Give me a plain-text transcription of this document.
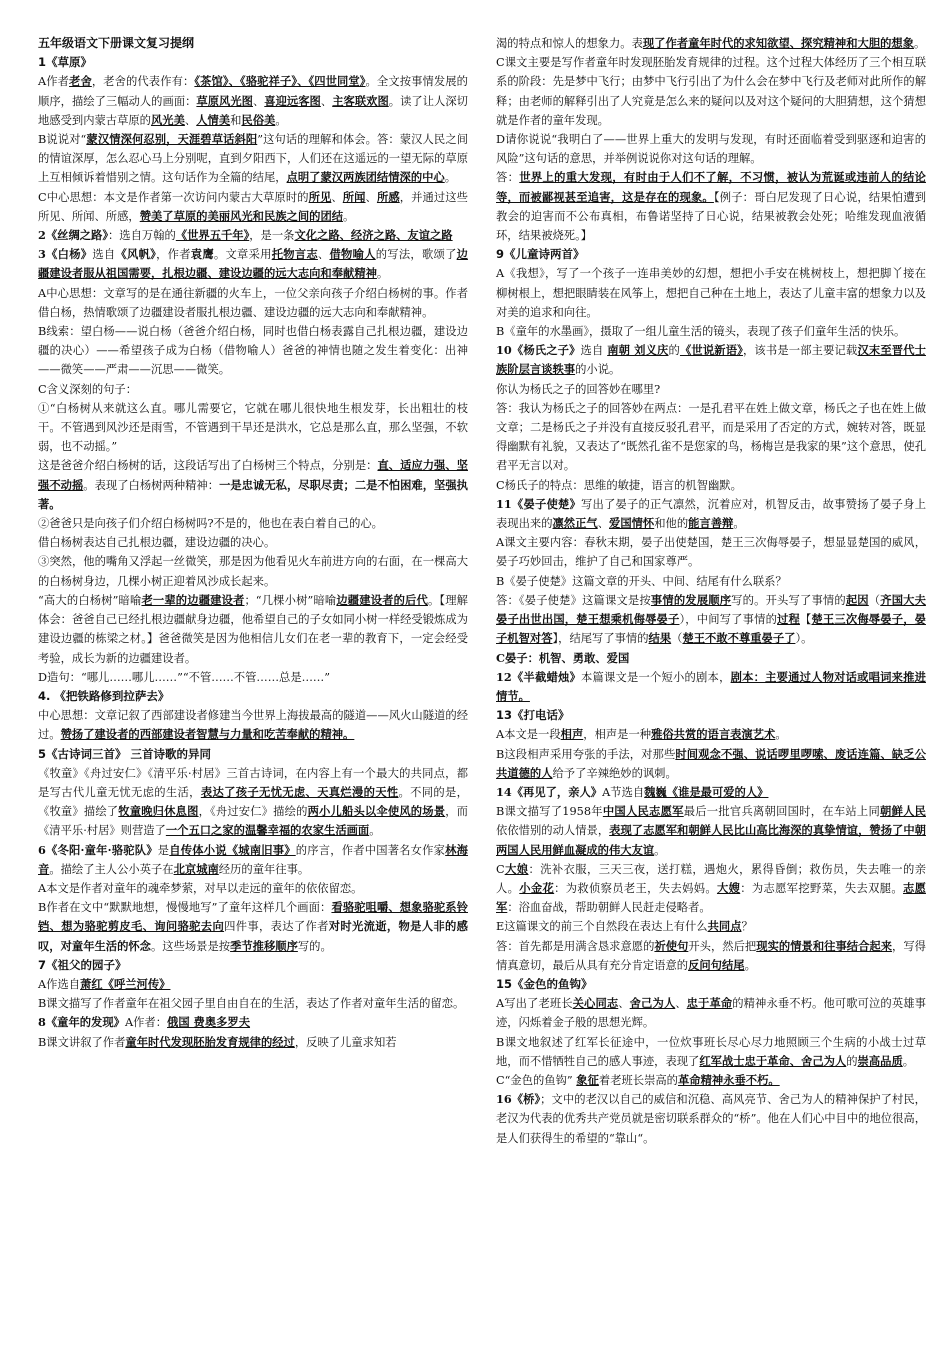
五年级语文下册课文复习提纲

1《草原》

A作者老舍，老舍的代表作有：《茶馆》、《骆驼祥子》、《四世同堂》。全文按事情发展的顺序，描绘了三幅动人的画面：草原风光图、喜迎远客图、主客联欢图。读了让人深切地感受到内蒙古草原的风光美、人情美和民俗美。

B说说对“蒙汉情深何忍别，天涯碧草话斜阳”这句话的理解和体会。答：蒙汉人民之间的情谊深厚，怎么忍心马上分别呢，直到夕阳西下，人们还在这遥远的一望无际的草原上互相倾诉着惜别之情。这句话作为全篇的结尾，点明了蒙汉两族团结情深的中心。

C中心思想：本文是作者第一次访问内蒙古大草原时的所见、所闻、所感，并通过这些所见、所闻、所感，赞美了草原的美丽风光和民族之间的团结。

2《丝绸之路》：选自万翰的《世界五千年》，是一条文化之路、经济之路、友谊之路

3《白杨》选自《风帆》，作者袁鹰。文章采用托物言志、借物喻人的写法，歌颂了边疆建设者服从祖国需要，扎根边疆、建设边疆的远大志向和奉献精神。

A中心思想：文章写的是在通往新疆的火车上，一位父亲向孩子介绍白杨树的事。作者借白杨，热情歌颂了边疆建设者服扎根边疆、建设边疆的远大志向和奉献精神。

B线索：望白杨——说白杨（爸爸介绍白杨，同时也借白杨表露自己扎根边疆，建设边疆的决心）——希望孩子成为白杨（借物喻人）爸爸的神情也随之发生着变化：出神——微笑——严肃——沉思——微笑。

C含义深刻的句子：

①“白杨树从来就这么直。哪儿需要它，它就在哪儿很快地生根发芽，长出粗壮的枝干。不管遇到风沙还是雨雪，不管遇到干旱还是洪水，它总是那么直，那么坚强，不软弱，也不动摇。”

这是爸爸介绍白杨树的话，这段话写出了白杨树三个特点，分别是：直、适应力强、坚强不动摇。表现了白杨树两种精神：一是忠诚无私，尽职尽责；二是不怕困难，坚强执著。

②爸爸只是向孩子们介绍白杨树吗?不是的，他也在表白着自己的心。

借白杨树表达自己扎根边疆，建设边疆的决心。

③突然，他的嘴角又浮起一丝微笑，那是因为他看见火车前进方向的右面，在一棵高大的白杨树身边，几棵小树正迎着风沙成长起来。

“高大的白杨树”暗喻老一辈的边疆建设者；“几棵小树”暗喻边疆建设者的后代。【理解体会：爸爸自己已经扎根边疆献身边疆，他希望自己的子女如同小树一样经受锻炼成为建设边疆的栋梁之材。】爸爸微笑是因为他相信儿女们在老一辈的教育下，一定会经受考验，成长为新的边疆建设者。

D造句：“哪儿……哪儿……”“不管……不管……总是……”

4. 《把铁路修到拉萨去》

中心思想：文章记叙了西部建设者修建当今世界上海拔最高的隧道——风火山隧道的经过。赞扬了建设者的西部建设者智慧与力量和吃苦奉献的精神。

5《古诗词三首》 三首诗歌的异同

《牧童》《舟过安仁》《清平乐·村居》三首古诗词，在内容上有一个最大的共同点，都是写古代儿童无忧无虑的生活，表达了孩子无忧无虑、天真烂漫的天性。不同的是，《牧童》描绘了牧童晚归休息图，《舟过安仁》描绘的两小儿船头以伞使风的场景，而《清平乐·村居》则营造了一个五口之家的温馨幸福的农家生活画面。

6《冬阳·童年·骆驼队》是自传体小说《城南旧事》的序言，作者中国著名女作家林海音。描绘了主人公小英子在北京城南经历的童年往事。

A本文是作者对童年的魂牵梦萦，对早以走远的童年的依依留恋。

B作者在文中“默默地想，慢慢地写”了童年这样几个画面：看骆驼咀嚼、想象骆驼系铃铛、想为骆驼剪皮毛、询问骆驼去向四件事，表达了作者对时光流逝，物是人非的感叹，对童年生活的怀念。这些场景是按季节推移顺序写的。

7《祖父的园子》

A作选自萧红《呼兰河传》

B课文描写了作者童年在祖父园子里自由自在的生活，表达了作者对童年生活的留恋。

8《童年的发现》A作者：俄国 费奥多罗夫

B课文讲叙了作者童年时代发现胚胎发育规律的经过，反映了儿童求知若

渴的特点和惊人的想象力。表现了作者童年时代的求知欲望、探究精神和大胆的想象。

C课文主要是写作者童年时发现胚胎发育规律的过程。这个过程大体经历了三个相互联系的阶段：先是梦中飞行；由梦中飞行引出了为什么会在梦中飞行及老师对此所作的解释；由老师的解释引出了人究竟是怎么来的疑问以及对这个疑问的大胆猜想，这个猜想就是作者的童年发现。

D请你说说“我明白了——世界上重大的发明与发现，有时还面临着受到驱逐和迫害的风险”这句话的意思，并举例说说你对这句话的理解。

答：世界上的重大发现，有时由于人们不了解，不习惯，被认为荒诞或违前人的结论等，而被鄙视甚至追害，这是存在的现象。【例子：哥白尼发现了日心说，结果怕遭到教会的迫害而不公布真相，布鲁诺坚持了日心说，结果被教会处死；哈维发现血液循环，结果被烧死。】

9《儿童诗两首》

A《我想》，写了一个孩子一连串美妙的幻想，想把小手安在桃树枝上，想把脚丫接在柳树根上，想把眼睛装在风筝上，想把自己种在土地上，表达了儿童丰富的想象力以及对美的追求和向往。

B《童年的水墨画》，摄取了一组儿童生活的镜头，表现了孩子们童年生活的快乐。

10《杨氏之子》选自 南朝 刘义庆的《世说新语》，该书是一部主要记载汉末至晋代士族阶层言谈轶事的小说。

你认为杨氏之子的回答妙在哪里?

答：我认为杨氏之子的回答妙在两点：一是孔君平在姓上做文章，杨氏之子也在姓上做文章；二是杨氏之子并没有直接反驳孔君平，而是采用了否定的方式，婉转对答，既显得幽默有礼貌，又表达了“既然孔雀不是您家的鸟，杨梅岂是我家的果”这个意思，使孔君平无言以对。

C杨氏子的特点：思维的敏捷，语言的机智幽默。

11《晏子使楚》写出了晏子的正气凛然，沉着应对，机智反击，故事赞扬了晏子身上表现出来的凛然正气、爱国情怀和他的能言善辩。

A课文主要内容：春秋末期，晏子出使楚国，楚王三次侮辱晏子，想显显楚国的威风，晏子巧妙回击，维护了自己和国家尊严。

B《晏子使楚》这篇文章的开头、中间、结尾有什么联系？

答：《晏子使楚》这篇课文是按事情的发展顺序写的。开头写了事情的起因（齐国大夫晏子出世出国，楚王想乘机侮辱晏子），中间写了事情的过程【楚王三次侮辱晏子，晏子机智对答】，结尾写了事情的结果（楚王不敢不尊重晏子了）。

C晏子：机智、勇敢、爱国

12《半截蜡烛》本篇课文是一个短小的剧本，剧本：主要通过人物对话或唱词来推进情节。

13《打电话》

A本文是一段相声，相声是一种雅俗共赏的语言表演艺术。

B这段相声采用夸张的手法，对那些时间观念不强、说话啰里啰嗦、废话连篇、缺乏公共道德的人给予了辛辣绝妙的讽刺。

14《再见了，亲人》A节选自魏巍《谁是最可爱的人》

B课文描写了1958年中国人民志愿军最后一批官兵离朝回国时，在车站上同朝鲜人民依依惜别的动人情景，表现了志愿军和朝鲜人民比山高比海深的真挚情谊，赞扬了中朝两国人民用鲜血凝成的伟大友谊。

C大娘：洗补衣服，三天三夜，送打糕，遇炮火，累得昏倒；救伤员，失去唯一的亲人。小金花：为救侦察员老王，失去妈妈。大嫂：为志愿军挖野菜，失去双腿。志愿军：浴血奋战，帮助朝鲜人民赶走侵略者。

E这篇课文的前三个自然段在表达上有什么共同点？

答：首先都是用满含恳求意愿的祈使句开头，然后把现实的情景和往事结合起来，写得情真意切，最后从具有充分肯定语意的反问句结尾。

15《金色的鱼钩》

A写出了老班长关心同志、舍己为人、忠于革命的精神永垂不朽。他可歌可泣的英雄事迹，闪烁着金子般的思想光辉。

B课文地叙述了红军长征途中，一位炊事班长尽心尽力地照顾三个生病的小战士过草地，而不惜牺牲自己的感人事迹，表现了红军战士忠于革命、舍己为人的崇高品质。

C“金色的鱼钩” 象征着老班长崇高的革命精神永垂不朽。

16《桥》；文中的老汉以自己的威信和沉稳、高风亮节、舍己为人的精神保护了村民，老汉为代表的优秀共产党员就是密切联系群众的“桥”。他在人们心中目中的地位很高，是人们获得生的希望的“靠山“。
